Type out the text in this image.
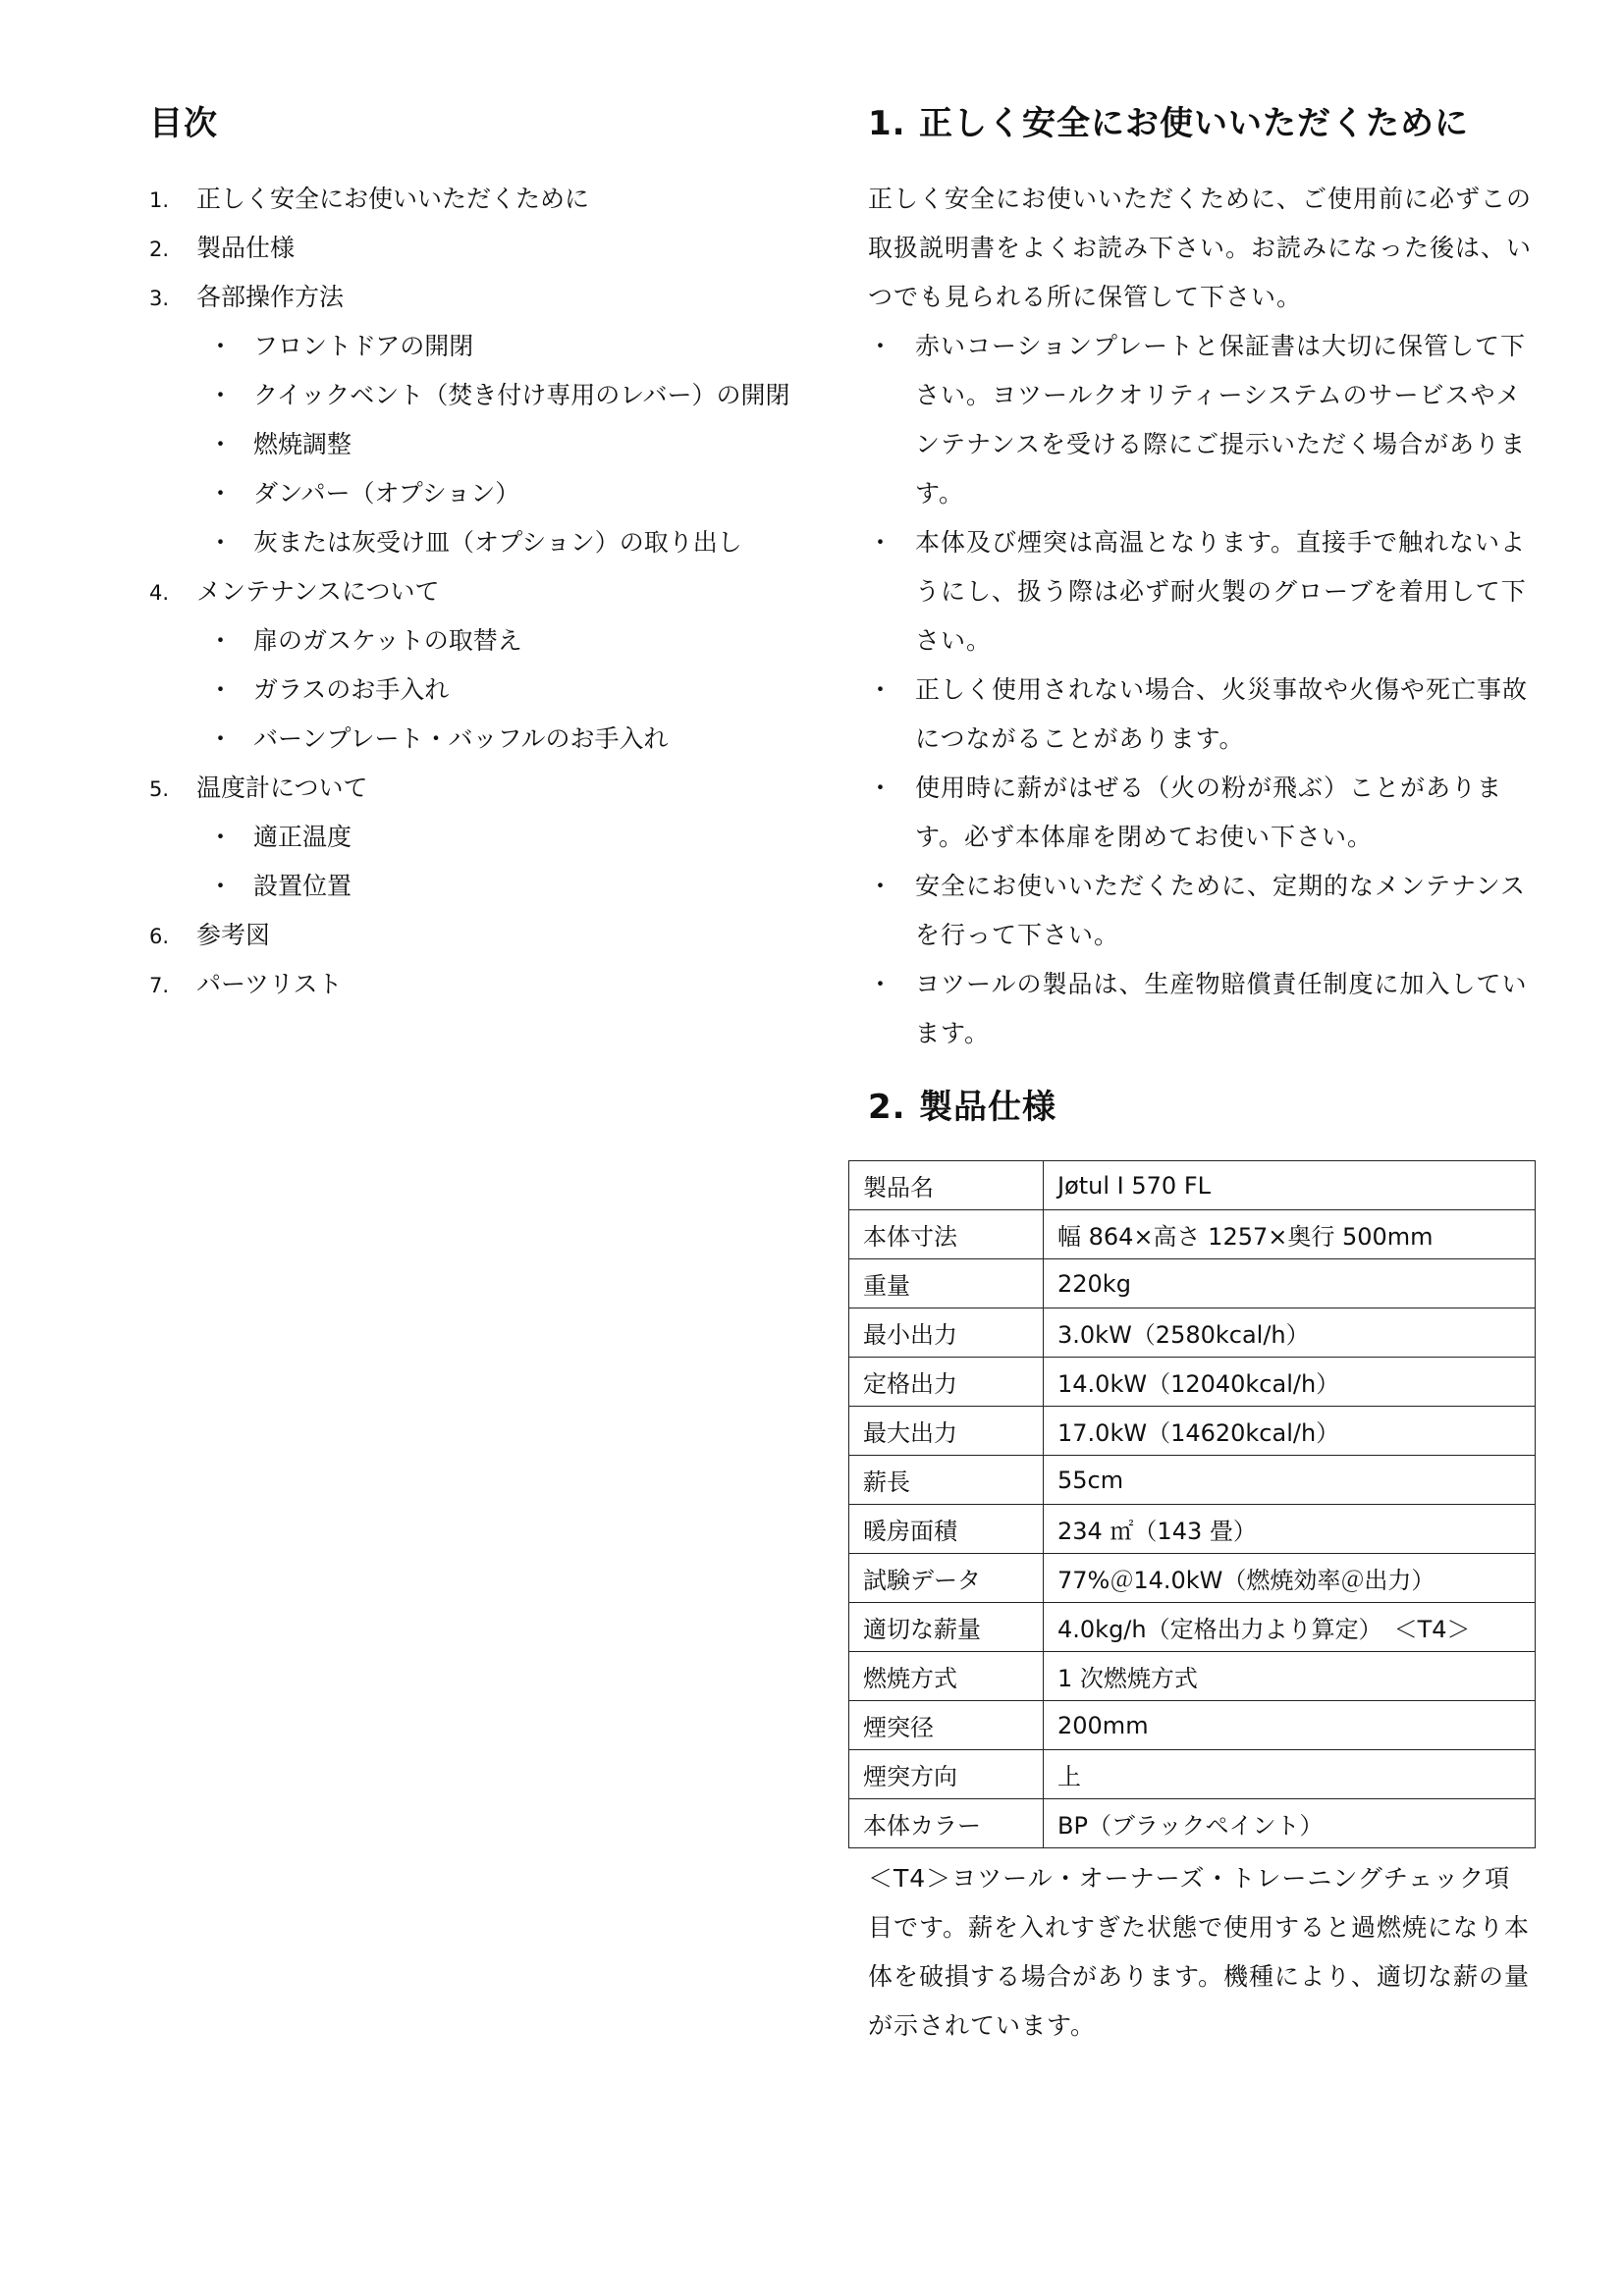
目次
1. 正しく安全にお使いいただくために
2. 製品仕様
3. 各部操作方法
・ フロントドアの開閉
・ クイックベント（焚き付け専用のレバー）の開閉
・ 燃焼調整
・ ダンパー（オプション）
・ 灰または灰受け皿（オプション）の取り出し
4. メンテナンスについて
・ 扉のガスケットの取替え
・ ガラスのお手入れ
・ バーンプレート・バッフルのお手入れ
5. 温度計について
・ 適正温度
・ 設置位置
6. 参考図
7. パーツリスト
1. 正しく安全にお使いいただくために

正しく安全にお使いいただくために、ご使用前に必ずこの取扱説明書をよくお読み下さい。お読みになった後は、いつでも見られる所に保管して下さい。

・ 赤いコーションプレートと保証書は大切に保管して下さい。ヨツールクオリティーシステムのサービスやメンテナンスを受ける際にご提示いただく場合があります。
・ 本体及び煙突は高温となります。直接手で触れないようにし、扱う際は必ず耐火製のグローブを着用して下さい。
・ 正しく使用されない場合、火災事故や火傷や死亡事故につながることがあります。
・ 使用時に薪がはぜる（火の粉が飛ぶ）ことがあります。必ず本体扉を閉めてお使い下さい。
・ 安全にお使いいただくために、定期的なメンテナンスを行って下さい。
・ ヨツールの製品は、生産物賠償責任制度に加入しています。
2. 製品仕様
製品名	Jøtul I 570 FL
本体寸法	幅 864×高さ 1257×奥行 500mm
重量	220kg
最小出力	3.0kW（2580kcal/h）
定格出力	14.0kW（12040kcal/h）
最大出力	17.0kW（14620kcal/h）
薪長	55cm
暖房面積	234 ㎡（143 畳）
試験データ	77%＠14.0kW（燃焼効率＠出力）
適切な薪量	4.0kg/h（定格出力より算定）　＜T4＞
燃焼方式	1 次燃焼方式
煙突径	200mm
煙突方向	上
本体カラー	BP（ブラックペイント）

＜T4＞ヨツール・オーナーズ・トレーニングチェック項目です。薪を入れすぎた状態で使用すると過燃焼になり本体を破損する場合があります。機種により、適切な薪の量が示されています。
